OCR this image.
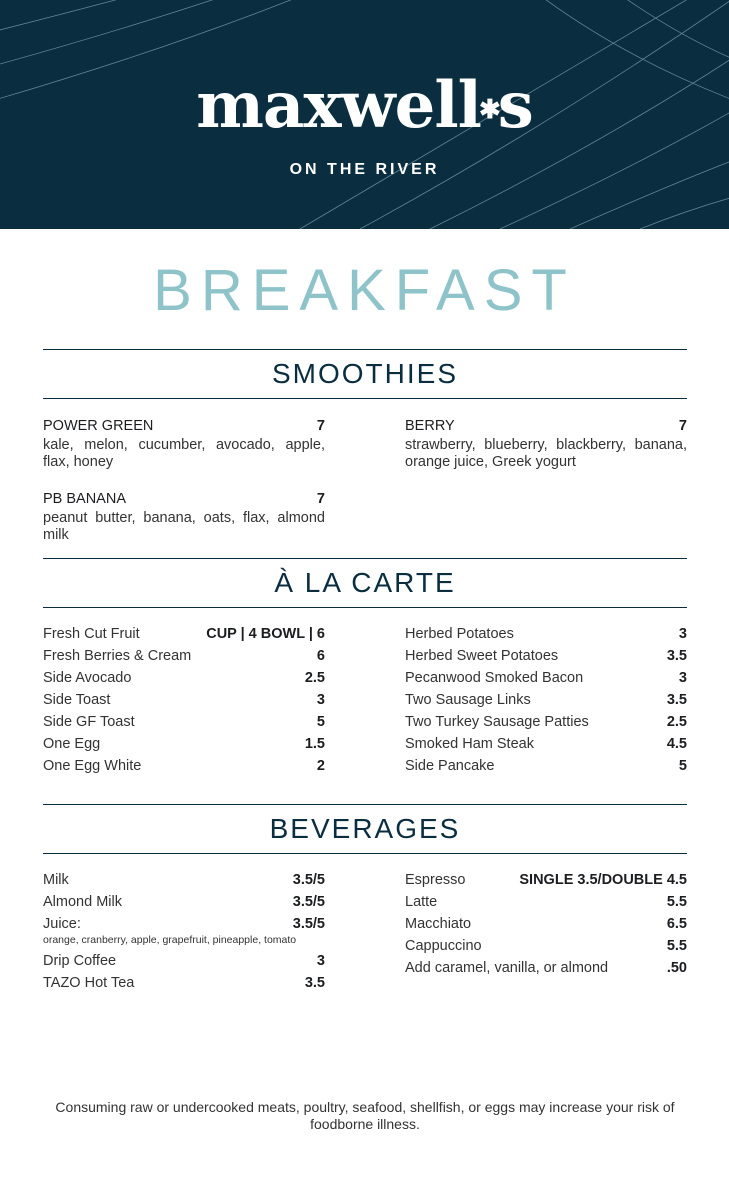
maxwell✱s
ON THE RIVER
BREAKFAST
SMOOTHIES
POWER GREEN	7
kale, melon, cucumber, avocado, apple, flax, honey
PB BANANA	7
peanut butter, banana, oats, flax, almond milk
BERRY	7
strawberry, blueberry, blackberry, banana, orange juice, Greek yogurt
À LA CARTE
Fresh Cut Fruit	CUP | 4 BOWL | 6
Fresh Berries & Cream	6
Side Avocado	2.5
Side Toast	3
Side GF Toast	5
One Egg	1.5
One Egg White	2
Herbed Potatoes	3
Herbed Sweet Potatoes	3.5
Pecanwood Smoked Bacon	3
Two Sausage Links	3.5
Two Turkey Sausage Patties	2.5
Smoked Ham Steak	4.5
Side Pancake	5
BEVERAGES
Milk	3.5/5
Almond Milk	3.5/5
Juice:	3.5/5
orange, cranberry, apple, grapefruit, pineapple, tomato
Drip Coffee	3
TAZO Hot Tea	3.5
Espresso	SINGLE 3.5/DOUBLE 4.5
Latte	5.5
Macchiato	6.5
Cappuccino	5.5
Add caramel, vanilla, or almond	.50
Consuming raw or undercooked meats, poultry, seafood, shellfish, or eggs may increase your risk of foodborne illness.
